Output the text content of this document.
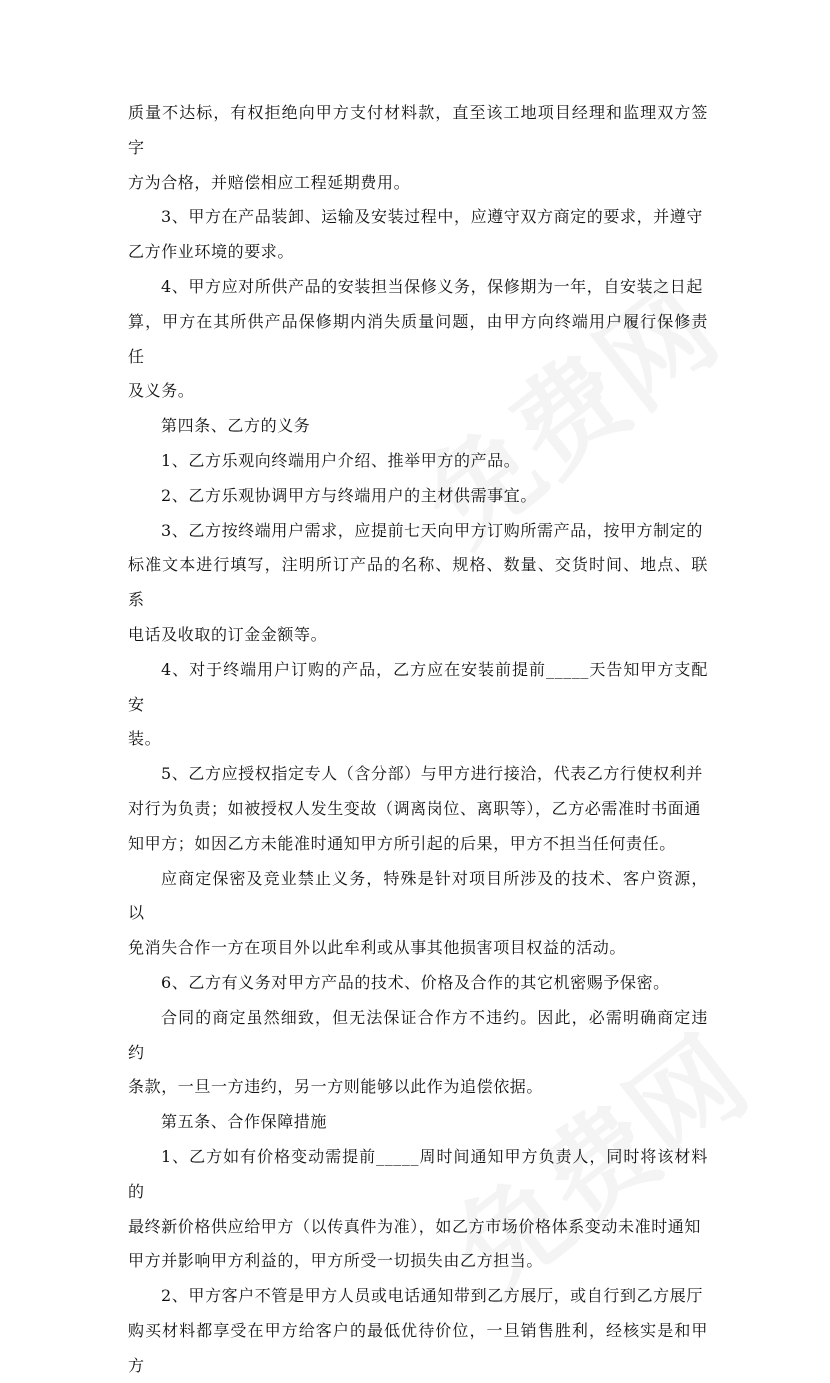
质量不达标，有权拒绝向甲方支付材料款，直至该工地项目经理和监理双方签字

方为合格，并赔偿相应工程延期费用。

3、甲方在产品装卸、运输及安装过程中，应遵守双方商定的要求，并遵守

乙方作业环境的要求。

4、甲方应对所供产品的安装担当保修义务，保修期为一年，自安装之日起

算，甲方在其所供产品保修期内消失质量问题，由甲方向终端用户履行保修责任

及义务。

第四条、乙方的义务

1、乙方乐观向终端用户介绍、推举甲方的产品。

2、乙方乐观协调甲方与终端用户的主材供需事宜。

3、乙方按终端用户需求，应提前七天向甲方订购所需产品，按甲方制定的

标准文本进行填写，注明所订产品的名称、规格、数量、交货时间、地点、联系

电话及收取的订金金额等。

4、对于终端用户订购的产品，乙方应在安装前提前_____天告知甲方支配安

装。

5、乙方应授权指定专人（含分部）与甲方进行接洽，代表乙方行使权利并

对行为负责；如被授权人发生变故（调离岗位、离职等），乙方必需准时书面通

知甲方；如因乙方未能准时通知甲方所引起的后果，甲方不担当任何责任。

应商定保密及竞业禁止义务，特殊是针对项目所涉及的技术、客户资源，以

免消失合作一方在项目外以此牟利或从事其他损害项目权益的活动。

6、乙方有义务对甲方产品的技术、价格及合作的其它机密赐予保密。

合同的商定虽然细致，但无法保证合作方不违约。因此，必需明确商定违约

条款，一旦一方违约，另一方则能够以此作为追偿依据。

第五条、合作保障措施

1、乙方如有价格变动需提前_____周时间通知甲方负责人，同时将该材料的

最终新价格供应给甲方（以传真件为准），如乙方市场价格体系变动未准时通知

甲方并影响甲方利益的，甲方所受一切损失由乙方担当。

2、甲方客户不管是甲方人员或电话通知带到乙方展厅，或自行到乙方展厅

购买材料都享受在甲方给客户的最低优待价位，一旦销售胜利，经核实是和甲方
